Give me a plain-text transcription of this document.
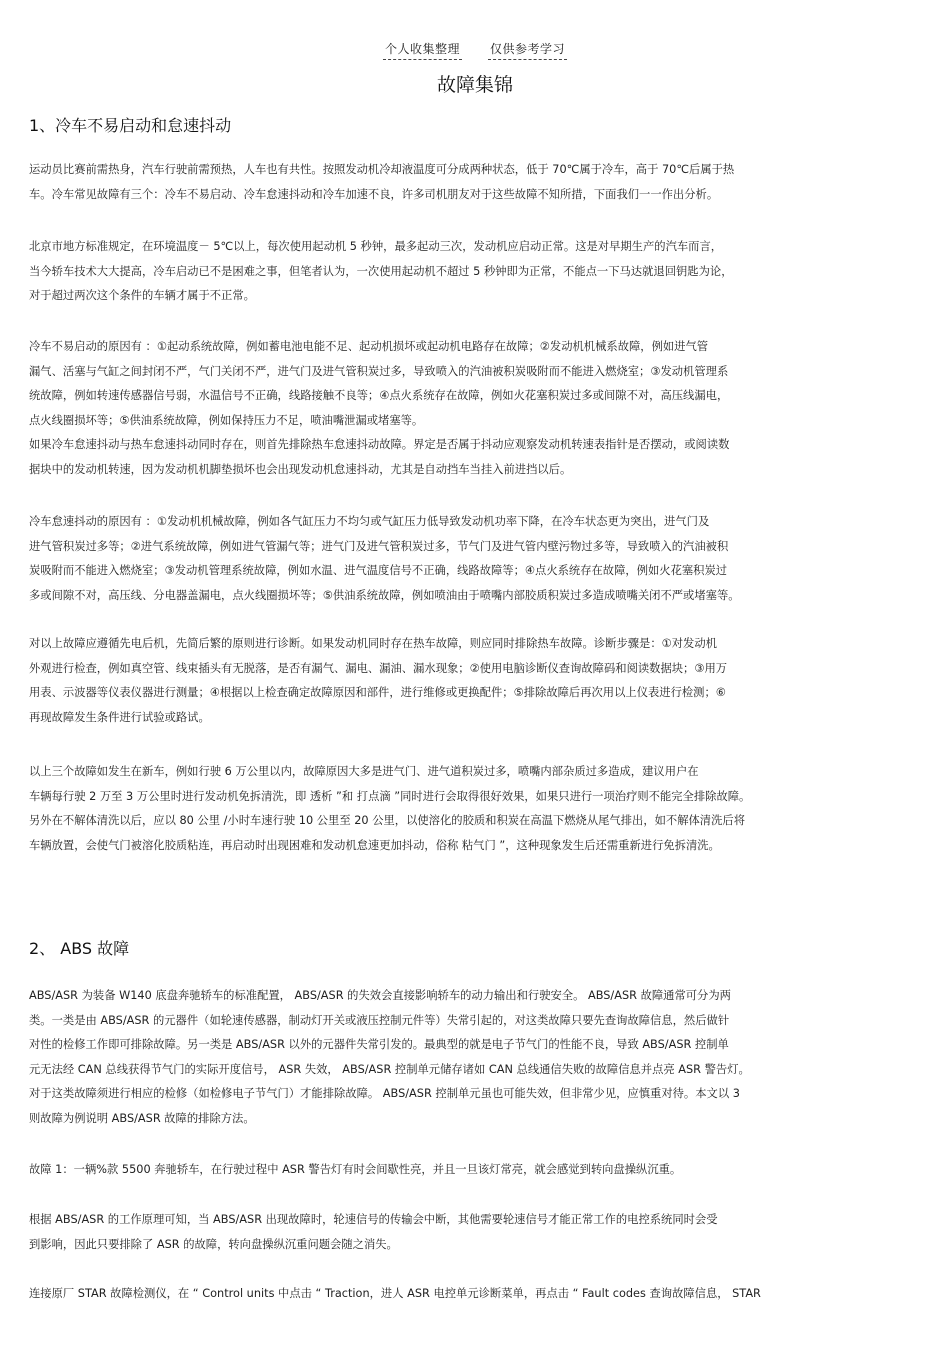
个人收集整理	仅供参考学习
故障集锦
1、冷车不易启动和怠速抖动
运动员比赛前需热身，汽车行驶前需预热，人车也有共性。按照发动机冷却液温度可分成两种状态，低于 70℃属于冷车，高于 70℃后属于热
车。冷车常见故障有三个：冷车不易启动、冷车怠速抖动和冷车加速不良，许多司机朋友对于这些故障不知所措，下面我们一一作出分析。
北京市地方标准规定，在环境温度－ 5℃以上，每次使用起动机 5 秒钟，最多起动三次，发动机应启动正常。这是对早期生产的汽车而言，
当今轿车技术大大提高，冷车启动已不是困难之事，但笔者认为，一次使用起动机不超过 5 秒钟即为正常，不能点一下马达就退回钥匙为论，
对于超过两次这个条件的车辆才属于不正常。
冷车不易启动的原因有 ：①起动系统故障，例如蓄电池电能不足、起动机损坏或起动机电路存在故障；②发动机机械系故障，例如进气管
漏气、活塞与气缸之间封闭不严，气门关闭不严，进气门及进气管积炭过多，导致喷入的汽油被积炭吸附而不能进入燃烧室；③发动机管理系
统故障，例如转速传感器信号弱，水温信号不正确，线路接触不良等；④点火系统存在故障，例如火花塞积炭过多或间隙不对，高压线漏电，
点火线圈损坏等；⑤供油系统故障，例如保持压力不足，喷油嘴泄漏或堵塞等。
如果冷车怠速抖动与热车怠速抖动同时存在，则首先排除热车怠速抖动故障。界定是否属于抖动应观察发动机转速表指针是否摆动，或阅读数
据块中的发动机转速，因为发动机机脚垫损坏也会出现发动机怠速抖动，尤其是自动挡车当挂入前进挡以后。
冷车怠速抖动的原因有 ：①发动机机械故障，例如各气缸压力不均匀或气缸压力低导致发动机功率下降，在冷车状态更为突出，进气门及
进气管积炭过多等；②进气系统故障，例如进气管漏气等；进气门及进气管积炭过多，节气门及进气管内壁污物过多等，导致喷入的汽油被积
炭吸附而不能进入燃烧室；③发动机管理系统故障，例如水温、进气温度信号不正确，线路故障等；④点火系统存在故障，例如火花塞积炭过
多或间隙不对，高压线、分电器盖漏电，点火线圈损坏等；⑤供油系统故障，例如喷油由于喷嘴内部胶质积炭过多造成喷嘴关闭不严或堵塞等。
对以上故障应遵循先电后机，先简后繁的原则进行诊断。如果发动机同时存在热车故障，则应同时排除热车故障。诊断步骤是：①对发动机
外观进行检查，例如真空管、线束插头有无脱落，是否有漏气、漏电、漏油、漏水现象；②使用电脑诊断仪查询故障码和阅读数据块；③用万
用表、示波器等仪表仪器进行测量；④根据以上检查确定故障原因和部件，进行维修或更换配件；⑤排除故障后再次用以上仪表进行检测；⑥
再现故障发生条件进行试验或路试。
以上三个故障如发生在新车，例如行驶 6 万公里以内，故障原因大多是进气门、进气道积炭过多，喷嘴内部杂质过多造成，建议用户在
车辆每行驶 2 万至 3 万公里时进行发动机免拆清洗，即 透析 ”和 打点滴 ”同时进行会取得很好效果，如果只进行一项治疗则不能完全排除故障。
另外在不解体清洗以后，应以 80 公里 /小时车速行驶 10 公里至 20 公里，以使溶化的胶质和积炭在高温下燃烧从尾气排出，如不解体清洗后将
车辆放置，会使气门被溶化胶质粘连，再启动时出现困难和发动机怠速更加抖动，俗称 粘气门 ”，这种现象发生后还需重新进行免拆清洗。
2、 ABS 故障
ABS/ASR 为装备 W140 底盘奔驰轿车的标准配置， ABS/ASR 的失效会直接影响轿车的动力输出和行驶安全。 ABS/ASR 故障通常可分为两
类。一类是由 ABS/ASR 的元器件（如轮速传感器，制动灯开关或液压控制元件等）失常引起的，对这类故障只要先查询故障信息，然后做针
对性的检修工作即可排除故障。另一类是 ABS/ASR 以外的元器件失常引发的。最典型的就是电子节气门的性能不良，导致 ABS/ASR 控制单
元无法经 CAN 总线获得节气门的实际开度信号， ASR 失效， ABS/ASR 控制单元储存诸如 CAN 总线通信失败的故障信息并点亮 ASR 警告灯。
对于这类故障须进行相应的检修（如检修电子节气门）才能排除故障。 ABS/ASR 控制单元虽也可能失效，但非常少见，应慎重对待。本文以 3
则故障为例说明 ABS/ASR 故障的排除方法。
故障 1：一辆%款 5500 奔驰轿车，在行驶过程中 ASR 警告灯有时会间歇性亮，并且一旦该灯常亮，就会感觉到转向盘操纵沉重。
根据 ABS/ASR 的工作原理可知，当 ABS/ASR 出现故障时，轮速信号的传输会中断，其他需要轮速信号才能正常工作的电控系统同时会受
到影响，因此只要排除了 ASR 的故障，转向盘操纵沉重问题会随之消失。
连接原厂 STAR 故障检测仪，在 “ Control units 中点击 “ Traction，进人 ASR 电控单元诊断菜单，再点击 “ Fault codes 查询故障信息， STAR
